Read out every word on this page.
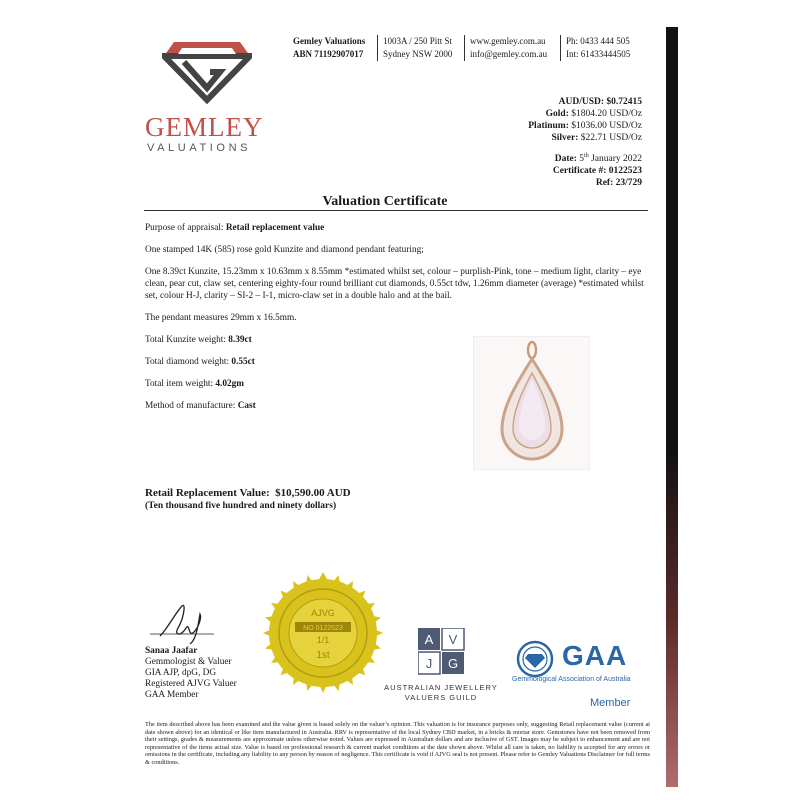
GEMLEY
VALUATIONS
Gemley Valuations
ABN 71192907017
1003A / 250 Pitt St
Sydney NSW 2000
www.gemley.com.au
info@gemley.com.au
Ph: 0433 444 505
Int: 61433444505
AUD/USD: $0.72415
Gold: $1804.20 USD/Oz
Platinum: $1036.00 USD/Oz
Silver: $22.71 USD/Oz
Date: 5th January 2022
Certificate #: 0122523
Ref: 23/729
Valuation Certificate
Purpose of appraisal: Retail replacement value
One stamped 14K (585) rose gold Kunzite and diamond pendant featuring;
One 8.39ct Kunzite, 15.23mm x 10.63mm x 8.55mm *estimated whilst set, colour – purplish-Pink, tone – medium light, clarity – eye clean, pear cut, claw set, centering eighty-four round brilliant cut diamonds, 0.55ct tdw, 1.26mm diameter (average) *estimated whilst set, colour H-J, clarity – SI-2 – I-1, micro-claw set in a double halo and at the bail.
The pendant measures 29mm x 16.5mm.
Total Kunzite weight: 8.39ct
Total diamond weight: 0.55ct
Total item weight: 4.02gm
Method of manufacture: Cast
Retail Replacement Value: $10,590.00 AUD
(Ten thousand five hundred and ninety dollars)
AJVG
NO 0122523
1/1
1st
Sanaa Jaafar
Gemmologist & Valuer
GIA AJP, dpG, DG
Registered AJVG Valuer
GAA Member
A V
J G
AUSTRALIAN JEWELLERY
VALUERS GUILD
GAA
Gemmological Association of Australia
Member
The item described above has been examined and the value given is based solely on the valuer’s opinion. This valuation is for insurance purposes only, suggesting Retail replacement value (current at date shown above) for an identical or like item manufactured in Australia. RRV is representative of the local Sydney CBD market, in a bricks & mortar store. Gemstones have not been removed from their settings, grades & measurements are approximate unless otherwise noted. Values are expressed in Australian dollars and are inclusive of GST. Images may be subject to enhancement and are not representative of the items actual size. Value is based on professional research & current market conditions at the date shown above. Whilst all care is taken, no liability is accepted for any errors or omissions in the certificate, including any liability to any person by reason of negligence. This certificate is void if AJVG seal is not present. Please refer to Gemley Valuations Disclaimer for full terms & conditions.
